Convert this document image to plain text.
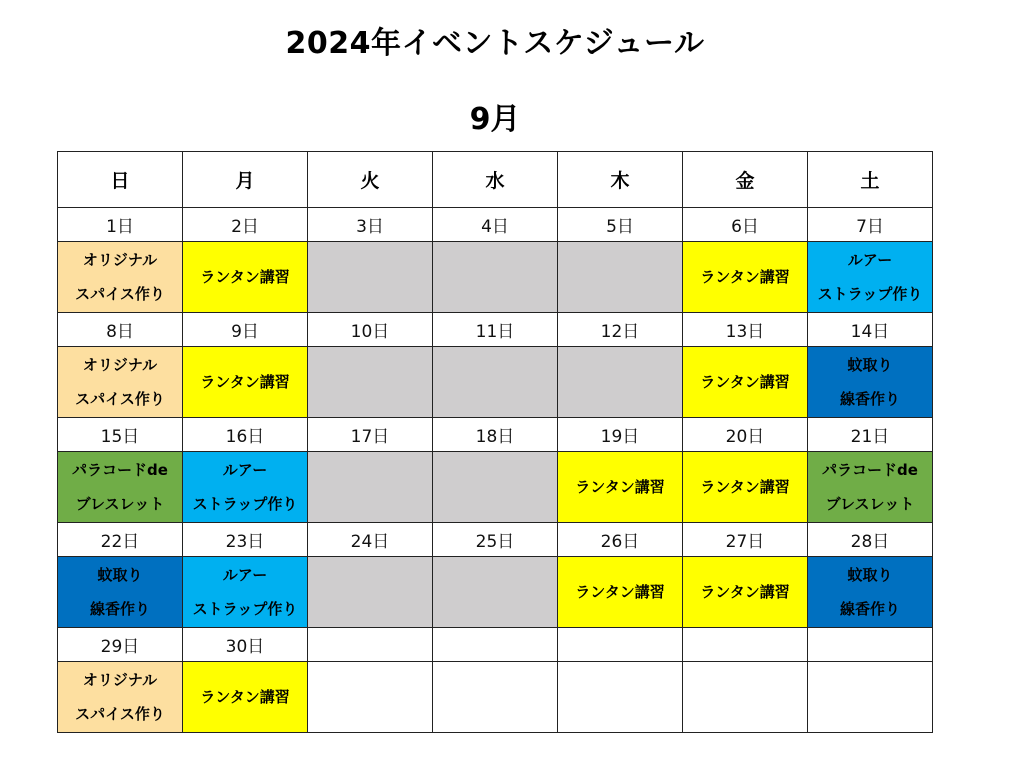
2024年イベントスケジュール
9月
日	月	火	水	木	金	土
1日	2日	3日	4日	5日	6日	7日

オリジナル
スパイス作り	ランタン講習				ランタン講習	ルアー
ストラップ作り

8日	9日	10日	11日	12日	13日	14日

オリジナル
スパイス作り	ランタン講習				ランタン講習	蚊取り
線香作り

15日	16日	17日	18日	19日	20日	21日

パラコードde
ブレスレット	ルアー
ストラップ作り			ランタン講習	ランタン講習	パラコードde
ブレスレット

22日	23日	24日	25日	26日	27日	28日

蚊取り
線香作り	ルアー
ストラップ作り			ランタン講習	ランタン講習	蚊取り
線香作り

29日	30日					

オリジナル
スパイス作り	ランタン講習					
